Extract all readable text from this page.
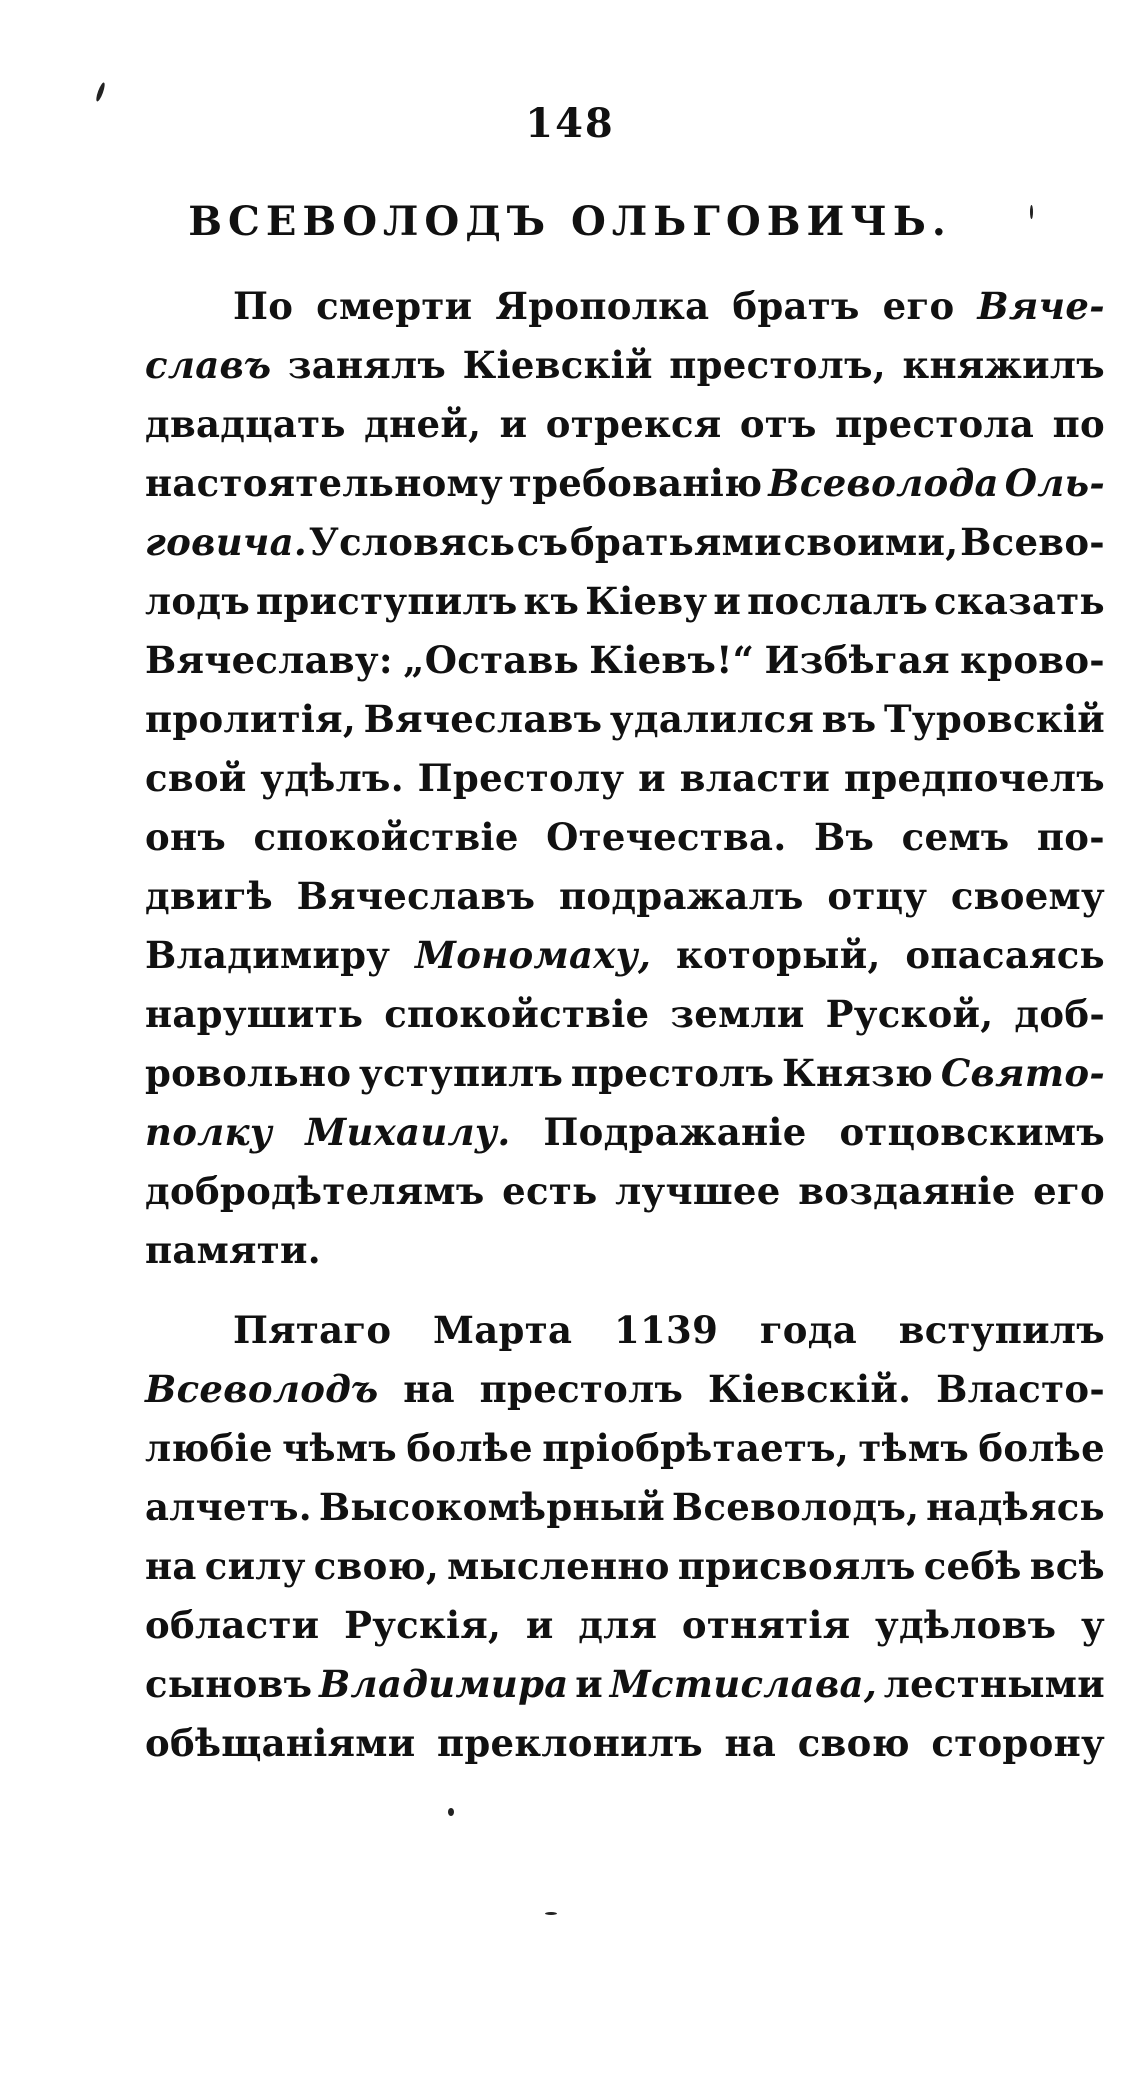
148
ВСЕВОЛОДЪ ОЛЬГОВИЧЬ.
По смерти Ярополка братъ его Вяче-
славъ занялъ Кіевскій престолъ, княжилъ
двадцать дней, и отрекся отъ престола по
настоятельному требованію Всеволода Оль-
говича. Условясь съ братьями своими, Всево-
лодъ приступилъ къ Кіеву и послалъ сказать
Вячеславу: „Оставь Кіевъ!“ Избѣгая крово-
пролитія, Вячеславъ удалился въ Туровскій
свой удѣлъ. Престолу и власти предпочелъ
онъ спокойствіе Отечества. Въ семъ по-
двигѣ Вячеславъ подражалъ отцу своему
Владимиру Мономаху, который, опасаясь
нарушить спокойствіе земли Руской, доб-
ровольно уступилъ престолъ Князю Свято-
полку Михаилу. Подражаніе отцовскимъ
добродѣтелямъ есть лучшее воздаяніе его
памяти.
Пятаго Марта 1139 года вступилъ
Всеволодъ на престолъ Кіевскій. Власто-
любіе чѣмъ болѣе пріобрѣтаетъ, тѣмъ болѣе
алчетъ. Высокомѣрный Всеволодъ, надѣясь
на силу свою, мысленно присвоялъ себѣ всѣ
области Рускія, и для отнятія удѣловъ у
сыновъ Владимира и Мстислава, лестными
обѣщаніями преклонилъ на свою сторону
